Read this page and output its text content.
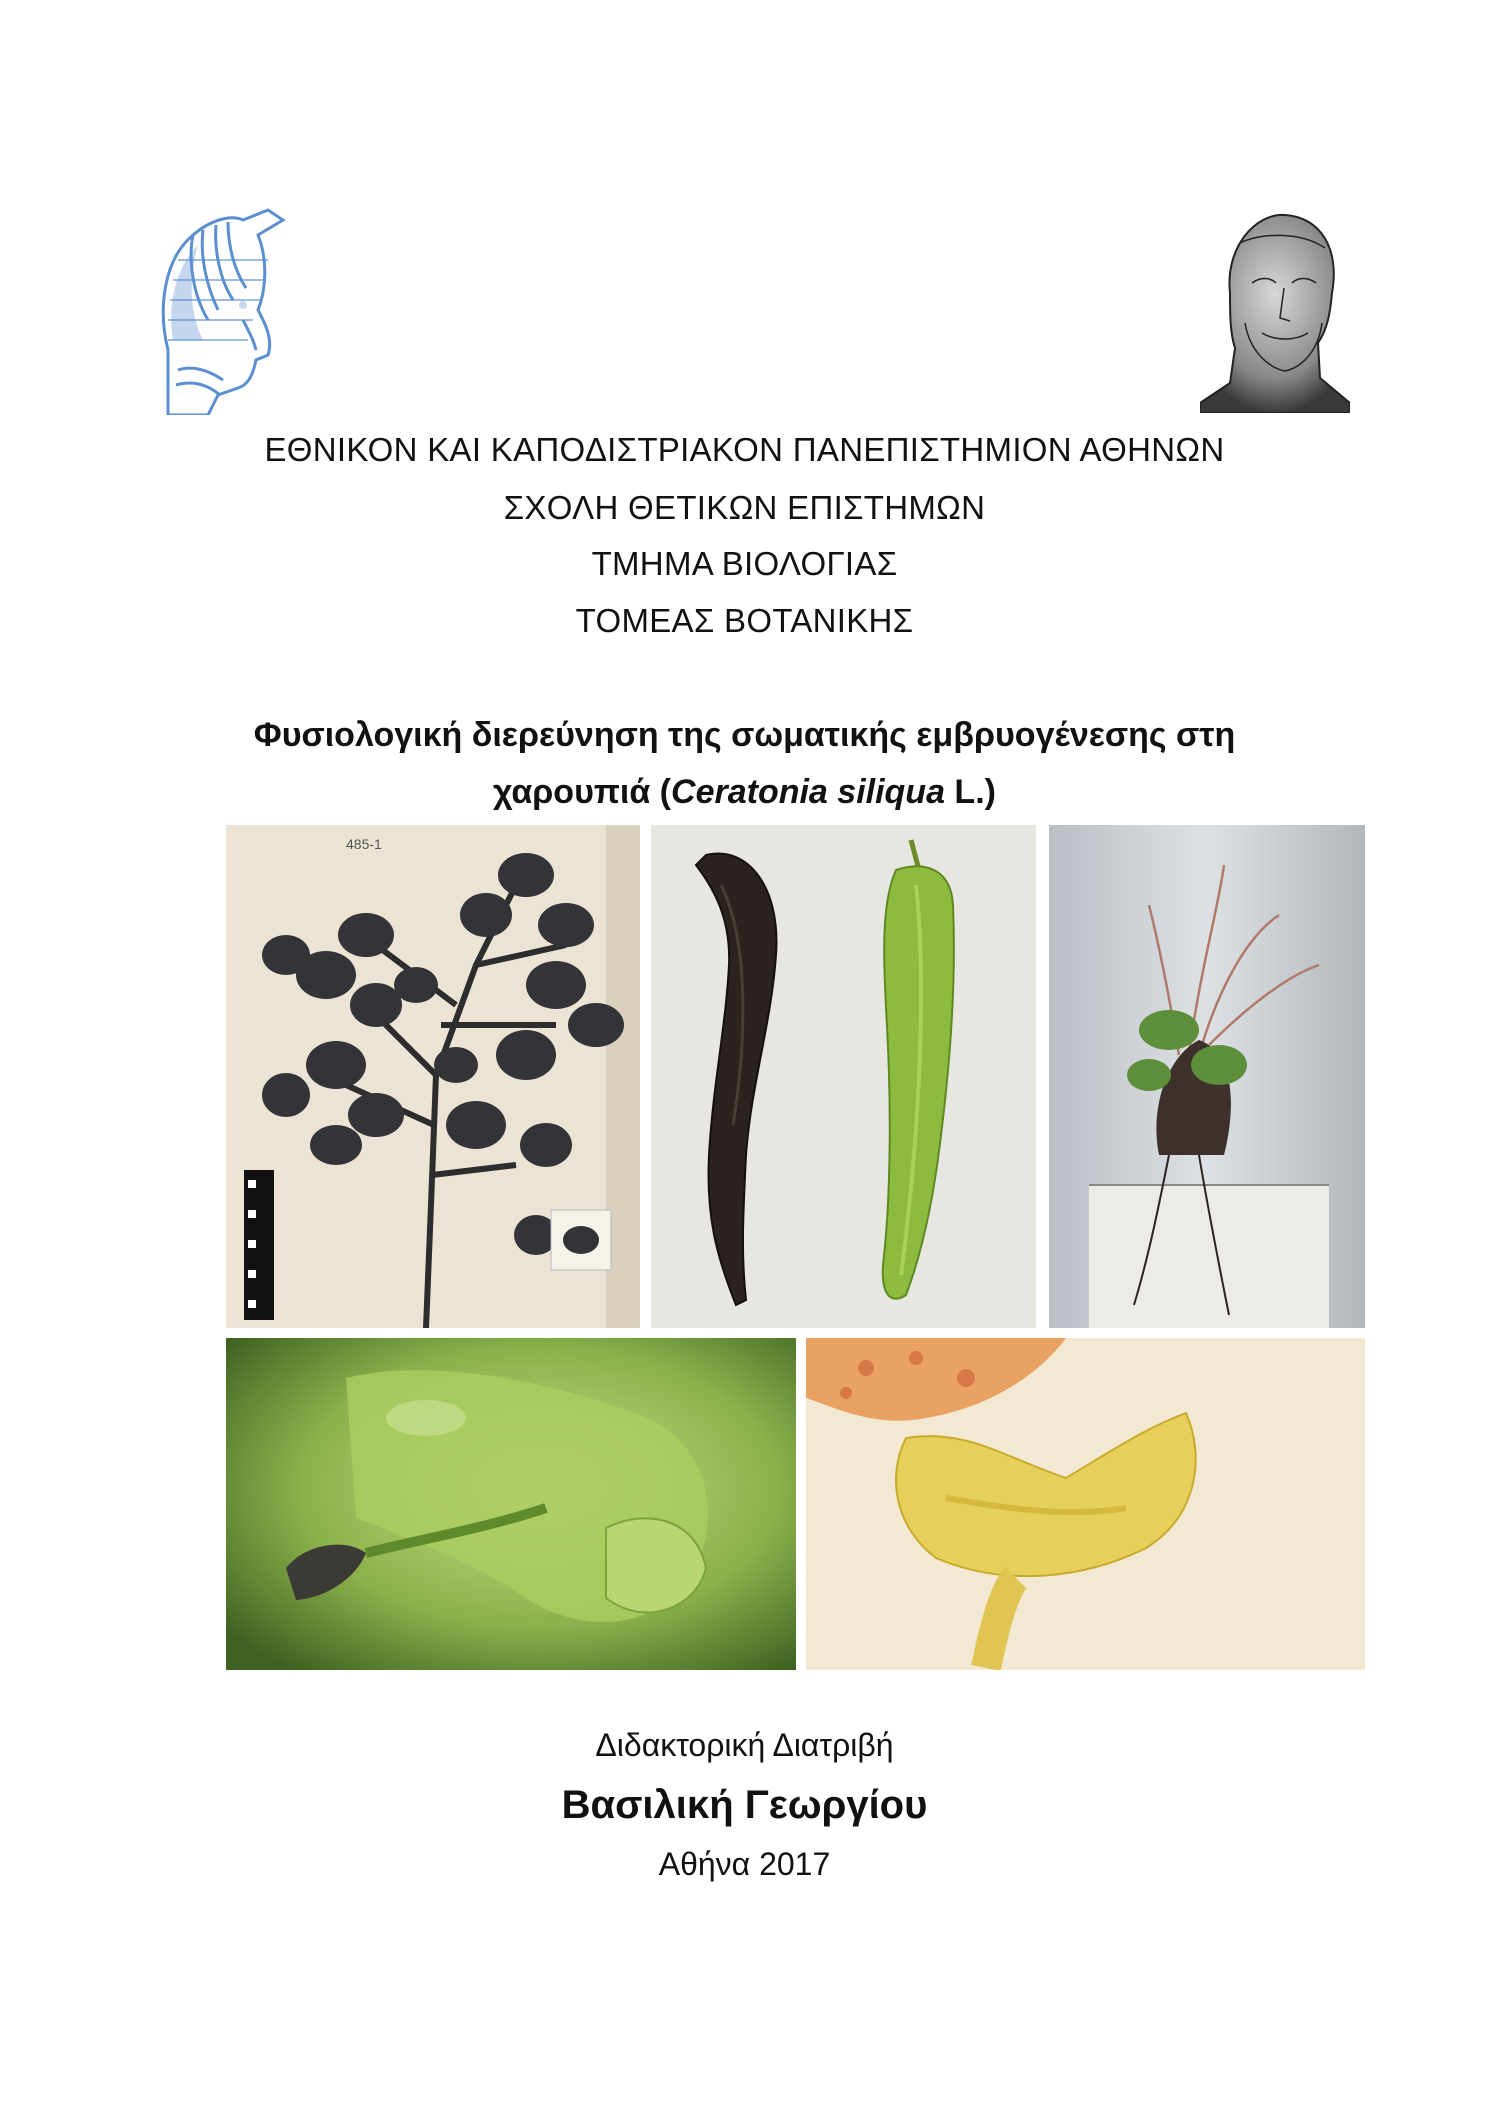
ΕΘΝΙΚΟΝ ΚΑΙ ΚΑΠΟΔΙΣΤΡΙΑΚΟΝ ΠΑΝΕΠΙΣΤΗΜΙΟΝ ΑΘΗΝΩΝ
ΣΧΟΛΗ ΘΕΤΙΚΩΝ ΕΠΙΣΤΗΜΩΝ
ΤΜΗΜΑ ΒΙΟΛΟΓΙΑΣ
ΤΟΜΕΑΣ ΒΟΤΑΝΙΚΗΣ
Φυσιολογική διερεύνηση της σωματικής εμβρυογένεσης στη
χαρουπιά (Ceratonia siliqua L.)
485-1
Διδακτορική Διατριβή
Βασιλική Γεωργίου
Αθήνα 2017
